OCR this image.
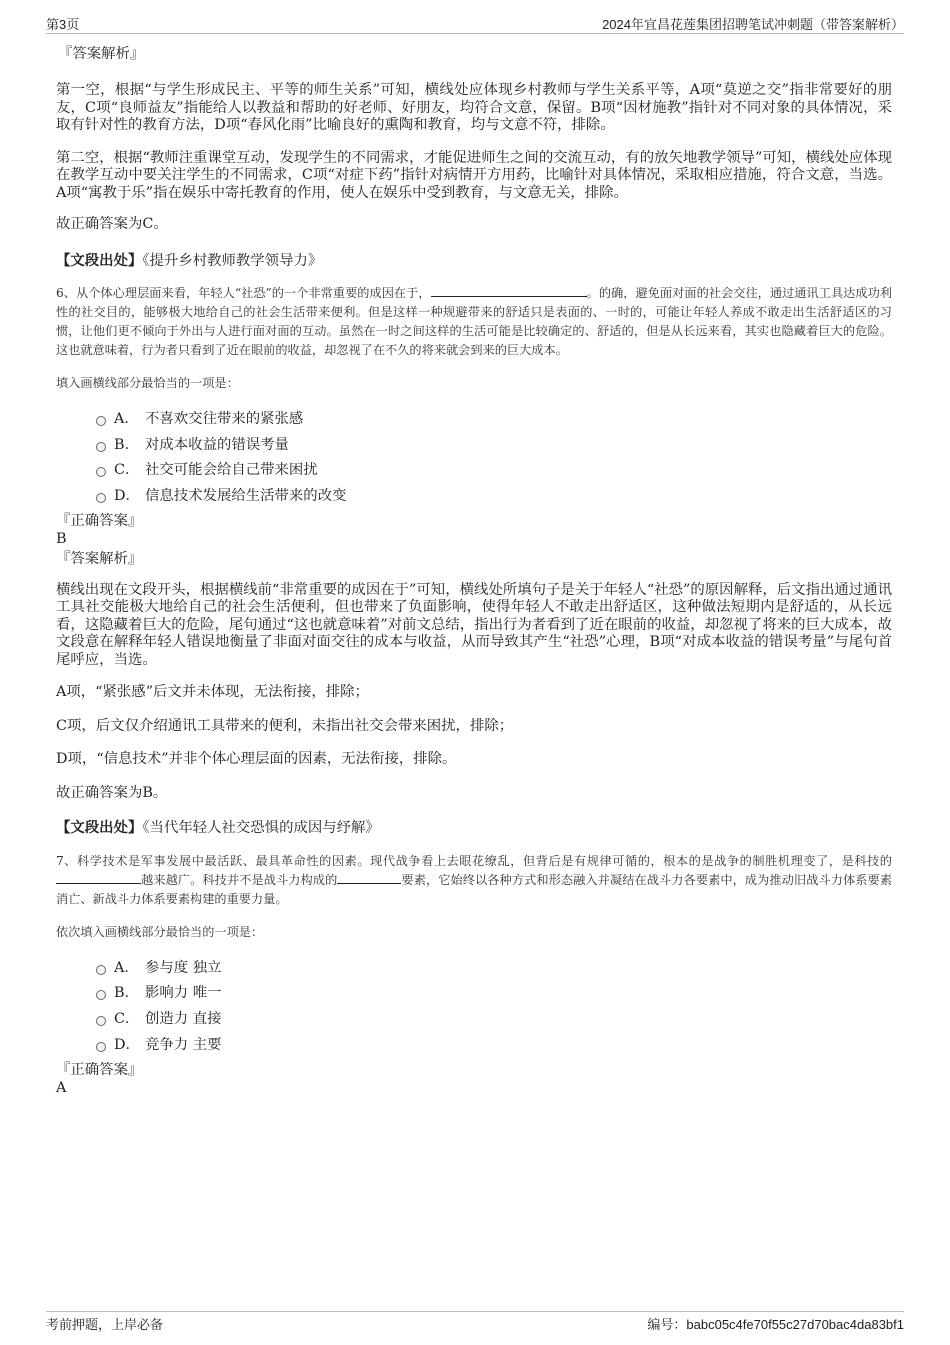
第3页	2024年宜昌花莲集团招聘笔试冲刺题（带答案解析）

『答案解析』

第一空，根据“与学生形成民主、平等的师生关系”可知，横线处应体现乡村教师与学生关系平等，A项“莫逆之交”指非常要好的朋友，C项“良师益友”指能给人以教益和帮助的好老师、好朋友，均符合文意，保留。B项“因材施教”指针对不同对象的具体情况，采取有针对性的教育方法，D项“春风化雨”比喻良好的熏陶和教育，均与文意不符，排除。

第二空，根据“教师注重课堂互动，发现学生的不同需求，才能促进师生之间的交流互动，有的放矢地教学领导”可知，横线处应体现在教学互动中要关注学生的不同需求，C项“对症下药”指针对病情开方用药，比喻针对具体情况，采取相应措施，符合文意，当选。A项“寓教于乐”指在娱乐中寄托教育的作用，使人在娱乐中受到教育，与文意无关，排除。

故正确答案为C。

【文段出处】《提升乡村教师教学领导力》

6、从个体心理层面来看，年轻人“社恐”的一个非常重要的成因在于，	。的确，避免面对面的社会交往，通过通讯工具达成功利性的社交目的，能够极大地给自己的社会生活带来便利。但是这样一种规避带来的舒适只是表面的、一时的，可能让年轻人养成不敢走出生活舒适区的习惯，让他们更不倾向于外出与人进行面对面的互动。虽然在一时之间这样的生活可能是比较确定的、舒适的，但是从长远来看，其实也隐藏着巨大的危险。这也就意味着，行为者只看到了近在眼前的收益，却忽视了在不久的将来就会到来的巨大成本。

填入画横线部分最恰当的一项是：

A． 不喜欢交往带来的紧张感
B． 对成本收益的错误考量
C． 社交可能会给自己带来困扰
D． 信息技术发展给生活带来的改变

『正确答案』

B

『答案解析』

横线出现在文段开头，根据横线前“非常重要的成因在于”可知，横线处所填句子是关于年轻人“社恐”的原因解释，后文指出通过通讯工具社交能极大地给自己的社会生活便利，但也带来了负面影响，使得年轻人不敢走出舒适区，这种做法短期内是舒适的，从长远看，这隐藏着巨大的危险，尾句通过“这也就意味着”对前文总结，指出行为者看到了近在眼前的收益，却忽视了将来的巨大成本，故文段意在解释年轻人错误地衡量了非面对面交往的成本与收益，从而导致其产生“社恐”心理，B项“对成本收益的错误考量”与尾句首尾呼应，当选。

A项，“紧张感”后文并未体现，无法衔接，排除；

C项，后文仅介绍通讯工具带来的便利，未指出社交会带来困扰，排除；

D项，“信息技术”并非个体心理层面的因素，无法衔接，排除。

故正确答案为B。

【文段出处】《当代年轻人社交恐惧的成因与纾解》

7、科学技术是军事发展中最活跃、最具革命性的因素。现代战争看上去眼花缭乱，但背后是有规律可循的，根本的是战争的制胜机理变了，是科技的越来越广。科技并不是战斗力构成的	要素，它始终以各种方式和形态融入并凝结在战斗力各要素中，成为推动旧战斗力体系要素消亡、新战斗力体系要素构建的重要力量。

依次填入画横线部分最恰当的一项是：

A． 参与度 独立
B． 影响力 唯一
C． 创造力 直接
D． 竞争力 主要

『正确答案』

A

考前押题，上岸必备	编号：babc05c4fe70f55c27d70bac4da83bf1
